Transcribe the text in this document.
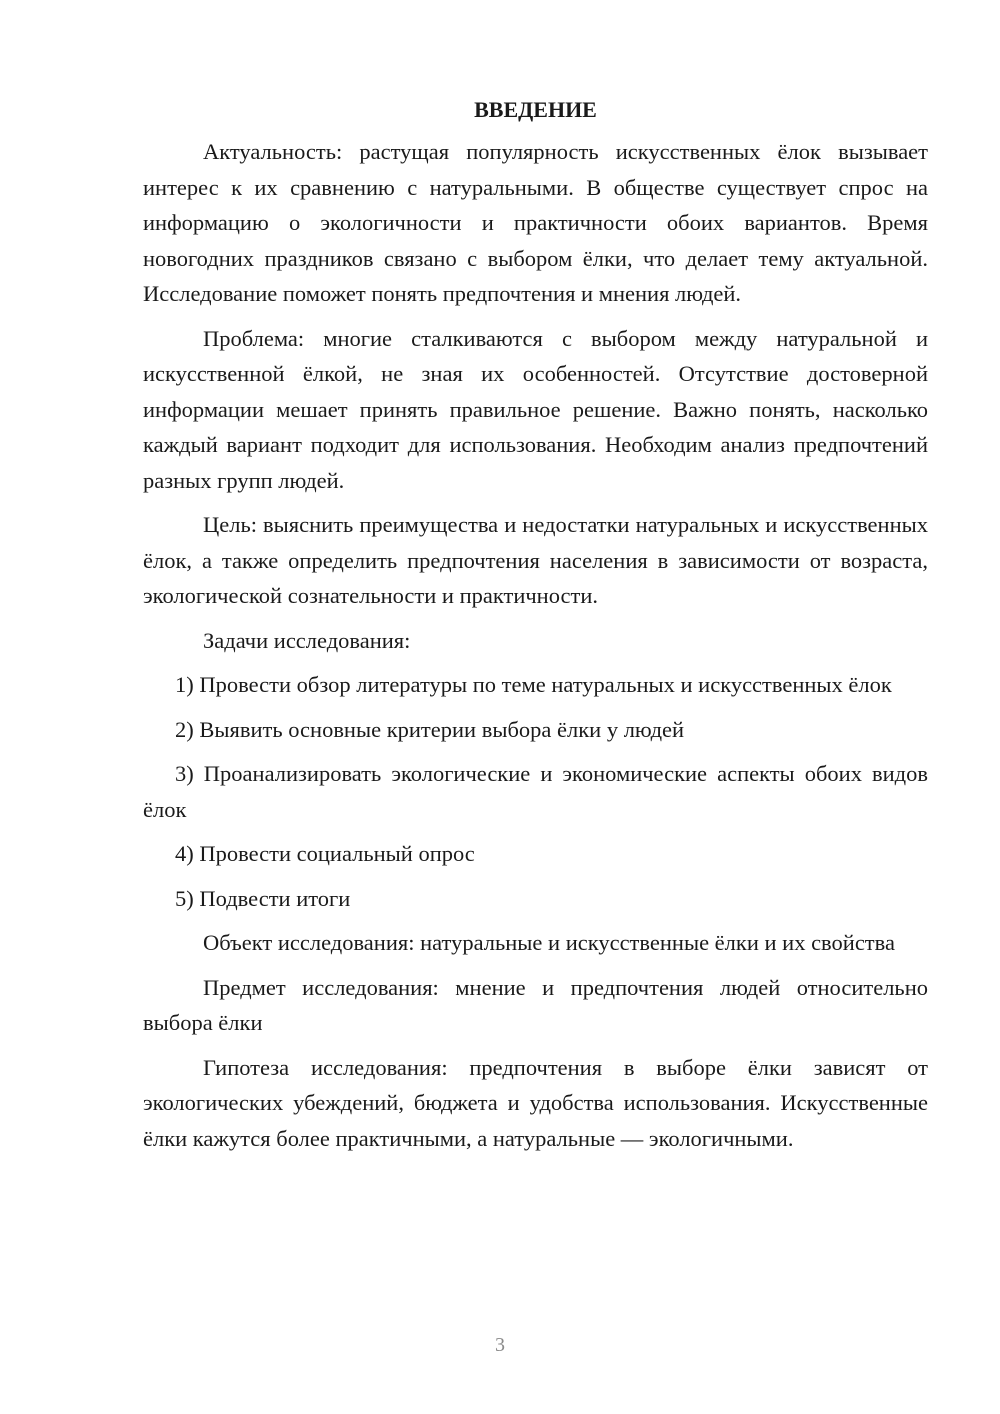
ВВЕДЕНИЕ

Актуальность: растущая популярность искусственных ёлок вызывает интерес к их сравнению с натуральными. В обществе существует спрос на информацию о экологичности и практичности обоих вариантов. Время новогодних праздников связано с выбором ёлки, что делает тему актуальной. Исследование поможет понять предпочтения и мнения людей.

Проблема: многие сталкиваются с выбором между натуральной и искусственной ёлкой, не зная их особенностей. Отсутствие достоверной информации мешает принять правильное решение. Важно понять, насколько каждый вариант подходит для использования. Необходим анализ предпочтений разных групп людей.

Цель: выяснить преимущества и недостатки натуральных и искусственных ёлок, а также определить предпочтения населения в зависимости от возраста, экологической сознательности и практичности.

Задачи исследования:

1) Провести обзор литературы по теме натуральных и искусственных ёлок

2) Выявить основные критерии выбора ёлки у людей

3) Проанализировать экологические и экономические аспекты обоих видов ёлок

4) Провести социальный опрос

5) Подвести итоги

Объект исследования: натуральные и искусственные ёлки и их свойства

Предмет исследования: мнение и предпочтения людей относительно выбора ёлки

Гипотеза исследования: предпочтения в выборе ёлки зависят от экологических убеждений, бюджета и удобства использования. Искусственные ёлки кажутся более практичными, а натуральные — экологичными.

3
